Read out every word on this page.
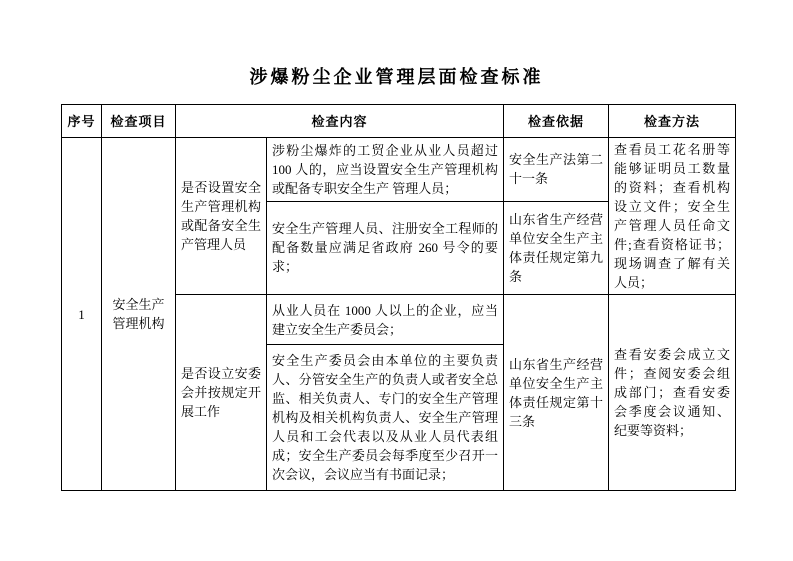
涉爆粉尘企业管理层面检查标准
序号	检查项目	检查内容		检查依据	检查方法
1	安全生产管理机构	是否设置安全生产管理机构或配备安全生产管理人员	涉粉尘爆炸的工贸企业从业人员超过 100 人的，应当设置安全生产管理机构或配备专职安全生产 管理人员；	安全生产法第二十一条	查看员工花名册等能够证明员工数量的资料；查看机构设立文件；安全生产管理人员任命文件;查看资格证书；现场调查了解有关人员；
			安全生产管理人员、注册安全工程师的配备数量应满足省政府 260 号令的要求；	山东省生产经营单位安全生产主体责任规定第九条	
		是否设立安委会并按规定开展工作	从业人员在 1000 人以上的企业，应当建立安全生产委员会；	山东省生产经营单位安全生产主体责任规定第十三条	查看安委会成立文件；查阅安委会组成部门；查看安委会季度会议通知、纪要等资料；
			安全生产委员会由本单位的主要负责人、分管安全生产的负责人或者安全总监、相关负责人、专门的安全生产管理机构及相关机构负责人、安全生产管理人员和工会代表以及从业人员代表组成；安全生产委员会每季度至少召开一次会议，会议应当有书面记录；		
